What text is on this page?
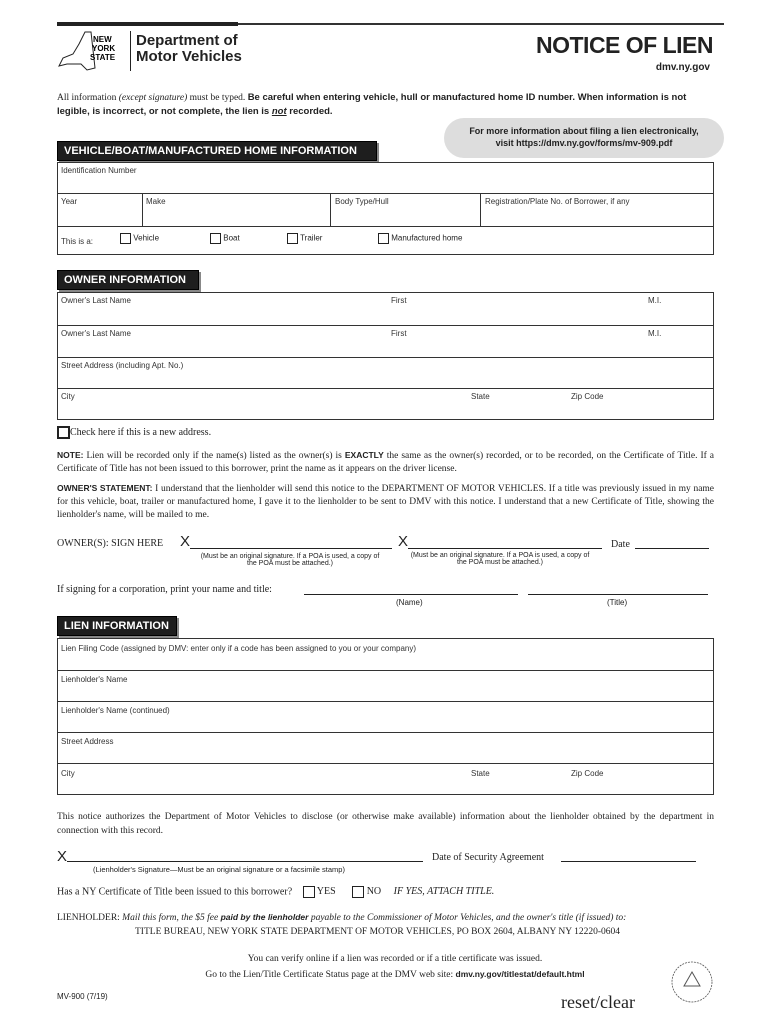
NEW
YORK
STATE
Department of
Motor Vehicles	NOTICE OF LIEN
dmv.ny.gov
All information (except signature) must be typed. Be careful when entering vehicle, hull or manufactured home ID number. When information is not legible, is incorrect, or not complete, the lien is not recorded.
For more information about filing a lien electronically,
visit https://dmv.ny.gov/forms/mv-909.pdf
VEHICLE/BOAT/MANUFACTURED HOME INFORMATION
Identification Number
Year	Make	Body Type/Hull	Registration/Plate No. of Borrower, if any
This is a:	Vehicle	Boat	Trailer	Manufactured home
OWNER INFORMATION
Owner's Last Name	First	M.I.
Owner's Last Name	First	M.I.
Street Address (including Apt. No.)
City	State	Zip Code
Check here if this is a new address.
NOTE: Lien will be recorded only if the name(s) listed as the owner(s) is EXACTLY the same as the owner(s) recorded, or to be recorded, on the Certificate of Title. If a Certificate of Title has not been issued to this borrower, print the name as it appears on the driver license.
OWNER'S STATEMENT: I understand that the lienholder will send this notice to the DEPARTMENT OF MOTOR VEHICLES. If a title was previously issued in my name for this vehicle, boat, trailer or manufactured home, I gave it to the lienholder to be sent to DMV with this notice. I understand that a new Certificate of Title, showing the lienholder's name, will be mailed to me.
OWNER(S): SIGN HERE X
(Must be an original signature. If a POA is used, a copy of the POA must be attached.)
X
(Must be an original signature. If a POA is used, a copy of the POA must be attached.)
Date
If signing for a corporation, print your name and title:
(Name)	(Title)
LIEN INFORMATION
Lien Filing Code (assigned by DMV: enter only if a code has been assigned to you or your company)
Lienholder's Name
Lienholder's Name (continued)
Street Address
City	State	Zip Code
This notice authorizes the Department of Motor Vehicles to disclose (or otherwise make available) information about the lienholder obtained by the department in connection with this record.
X
(Lienholder's Signature—Must be an original signature or a facsimile stamp)
Date of Security Agreement
Has a NY Certificate of Title been issued to this borrower? YES	NO IF YES, ATTACH TITLE.
LIENHOLDER: Mail this form, the $5 fee paid by the lienholder payable to the Commissioner of Motor Vehicles, and the owner's title (if issued) to:
TITLE BUREAU, NEW YORK STATE DEPARTMENT OF MOTOR VEHICLES, PO BOX 2604, ALBANY NY 12220-0604
You can verify online if a lien was recorded or if a title certificate was issued.
Go to the Lien/Title Certificate Status page at the DMV web site: dmv.ny.gov/titlestat/default.html
MV-900 (7/19)	reset/clear
